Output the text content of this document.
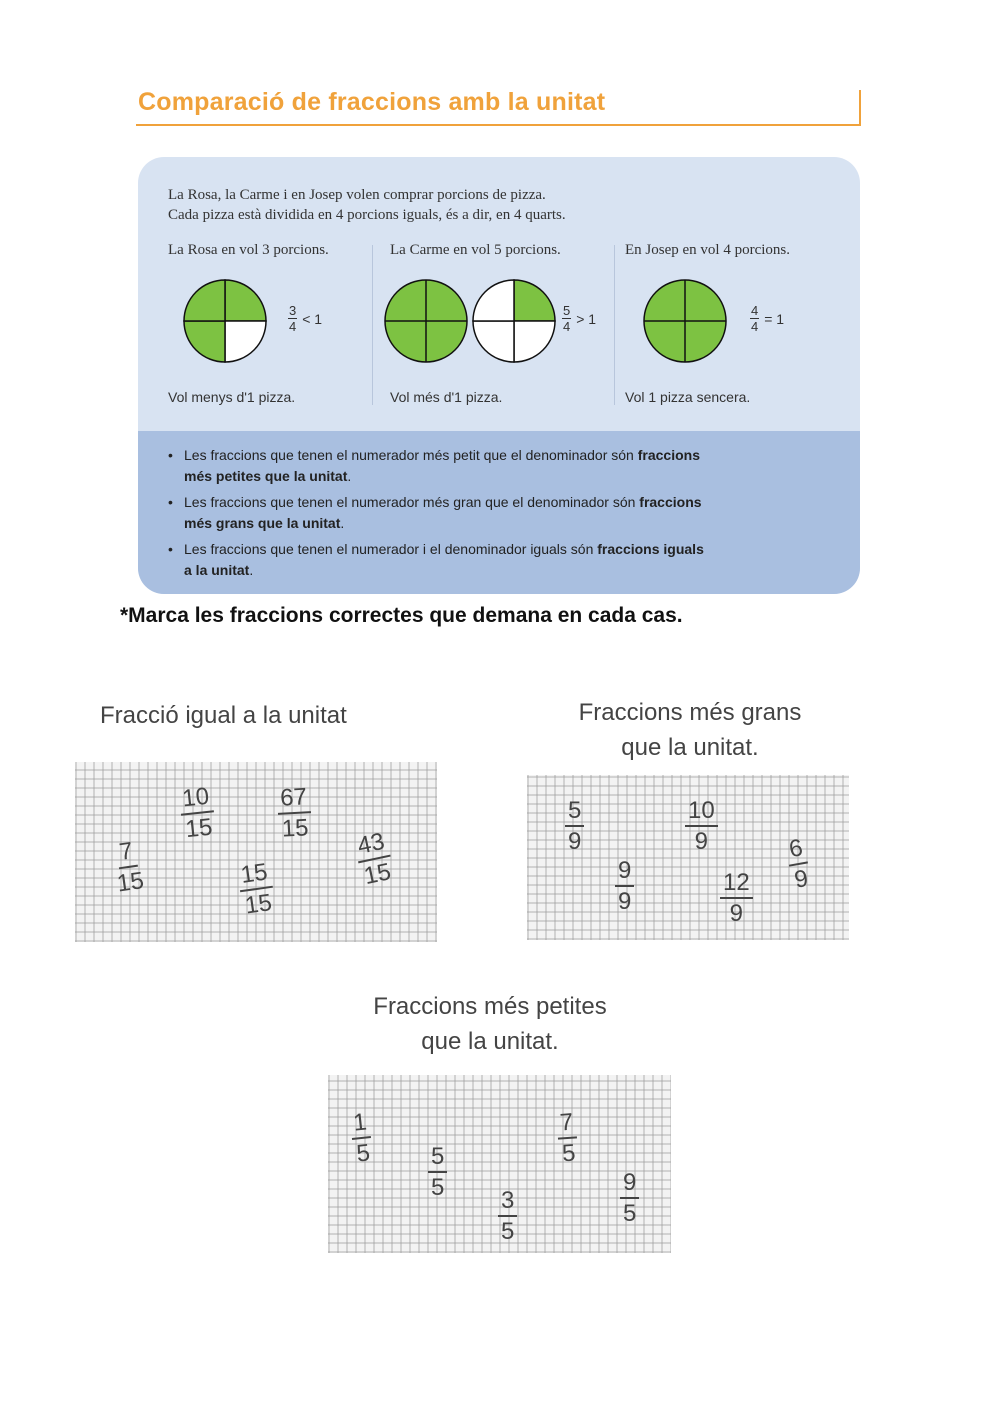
Comparació de fraccions amb la unitat
La Rosa, la Carme i en Josep volen comprar porcions de pizza.
Cada pizza està dividida en 4 porcions iguals, és a dir, en 4 quarts.
La Rosa en vol 3 porcions.
$\frac{3}{4} < 1$
Vol menys d'1 pizza.
La Carme en vol 5 porcions.
$\frac{5}{4} > 1$
Vol més d'1 pizza.
En Josep en vol 4 porcions.
$\frac{4}{4} = 1$
Vol 1 pizza sencera.
• Les fraccions que tenen el numerador més petit que el denominador són fraccions
més petites que la unitat.
• Les fraccions que tenen el numerador més gran que el denominador són fraccions
més grans que la unitat.
• Les fraccions que tenen el numerador i el denominador iguals són fraccions iguals
a la unitat.
*Marca les fraccions correctes que demana en cada cas.
Fracció igual a la unitat
$\frac{10}{15}$	$\frac{67}{15}$
$\frac{7}{15}$	$\frac{15}{15}$	$\frac{43}{15}$
Fraccions més grans
que la unitat.
$\frac{5}{9}$	$\frac{10}{9}$
$\frac{9}{9}$	$\frac{12}{9}$
$\frac{6}{9}$
Fraccions més petites
que la unitat.
$\frac{1}{5}$
$\frac{5}{5}$
$\frac{3}{5}$
$\frac{7}{5}$
$\frac{9}{5}$
